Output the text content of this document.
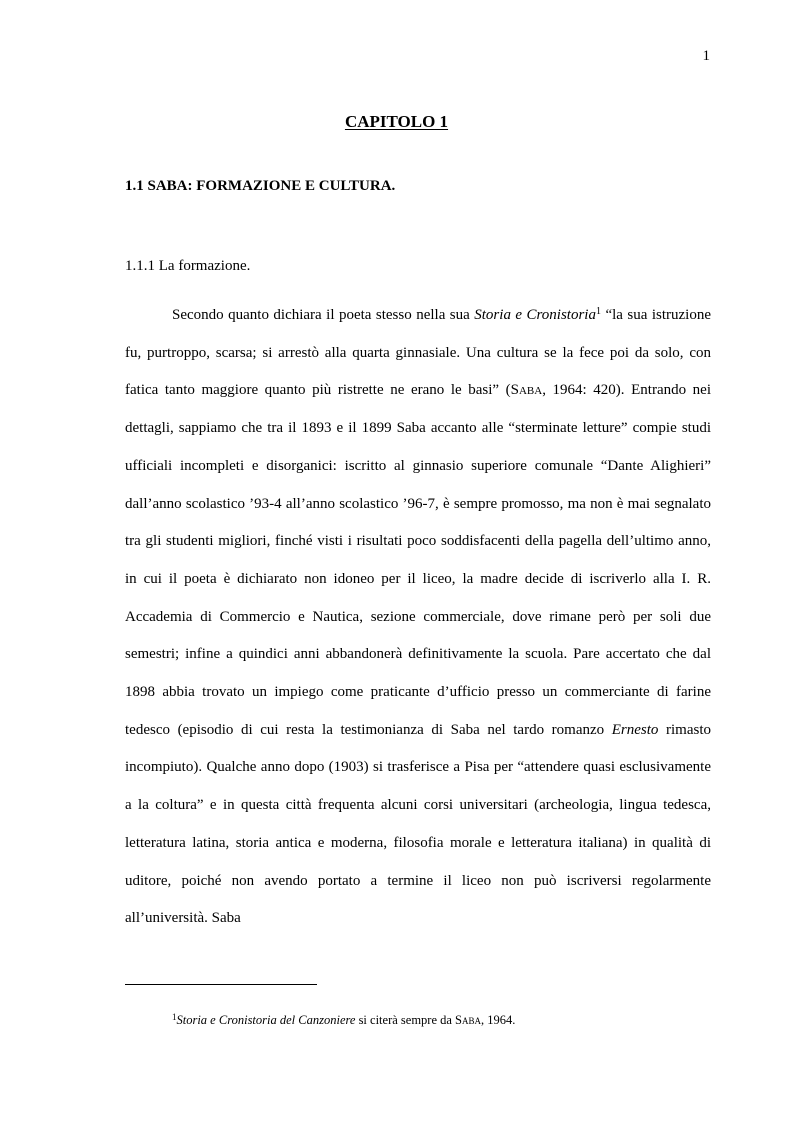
1
CAPITOLO 1
1.1 SABA: FORMAZIONE E CULTURA.
1.1.1 La formazione.

Secondo quanto dichiara il poeta stesso nella sua Storia e Cronistoria$^1$ “la sua istruzione fu, purtroppo, scarsa; si arrestò alla quarta ginnasiale. Una cultura se la fece poi da solo, con fatica tanto maggiore quanto più ristrette ne erano le basi” (Saba, 1964: 420). Entrando nei dettagli, sappiamo che tra il 1893 e il 1899 Saba accanto alle “sterminate letture” compie studi ufficiali incompleti e disorganici: iscritto al ginnasio superiore comunale “Dante Alighieri” dall’anno scolastico ’93-4 all’anno scolastico ’96-7, è sempre promosso, ma non è mai segnalato tra gli studenti migliori, finché visti i risultati poco soddisfacenti della pagella dell’ultimo anno, in cui il poeta è dichiarato non idoneo per il liceo, la madre decide di iscriverlo alla I. R. Accademia di Commercio e Nautica, sezione commerciale, dove rimane però per soli due semestri; infine a quindici anni abbandonerà definitivamente la scuola. Pare accertato che dal 1898 abbia trovato un impiego come praticante d’ufficio presso un commerciante di farine tedesco (episodio di cui resta la testimonianza di Saba nel tardo romanzo Ernesto rimasto incompiuto). Qualche anno dopo (1903) si trasferisce a Pisa per “attendere quasi esclusivamente a la coltura” e in questa città frequenta alcuni corsi universitari (archeologia, lingua tedesca, letteratura latina, storia antica e moderna, filosofia morale e letteratura italiana) in qualità di uditore, poiché non avendo portato a termine il liceo non può iscriversi regolarmente all’università. Saba

$^1$Storia e Cronistoria del Canzoniere si citerà sempre da Saba, 1964.
